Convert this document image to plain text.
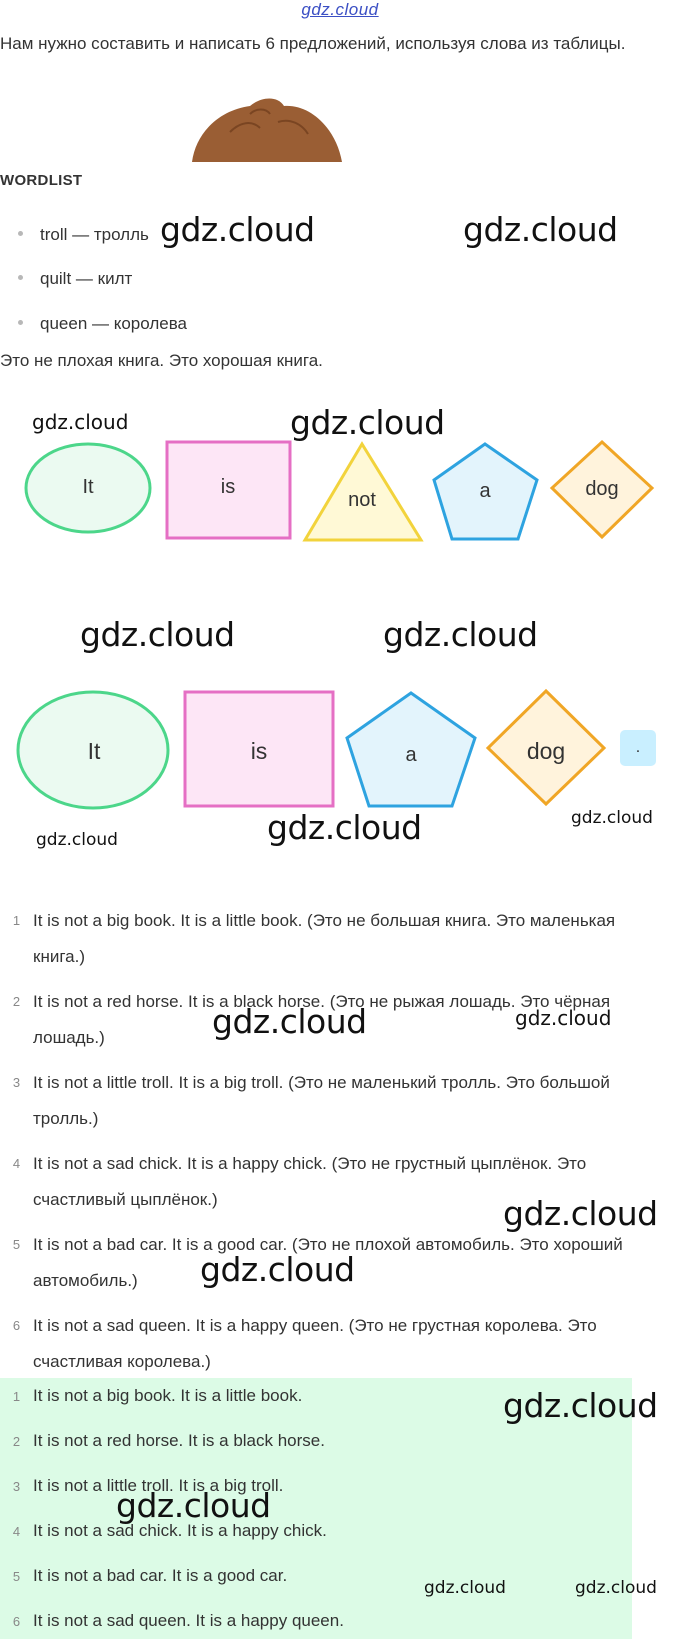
gdz.cloud
Нам нужно составить и написать 6 предложений, используя слова из таблицы.
WORDLIST
troll — тролль
quilt — килт
queen — королева
Это не плохая книга. Это хорошая книга.
It	is
not	a	dog
It	is	a	dog	.
1 It is not a big book. It is a little book. (Это не большая книга. Это маленькая книга.)
2 It is not a red horse. It is a black horse. (Это не рыжая лошадь. Это чёрная лошадь.)
3 It is not a little troll. It is a big troll. (Это не маленький тролль. Это большой тролль.)
4 It is not a sad chick. It is a happy chick. (Это не грустный цыплёнок. Это счастливый цыплёнок.)
5 It is not a bad car. It is a good car. (Это не плохой автомобиль. Это хороший автомобиль.)
6 It is not a sad queen. It is a happy queen. (Это не грустная королева. Это счастливая королева.)
1 It is not a big book. It is a little book.
2 It is not a red horse. It is a black horse.
3 It is not a little troll. It is a big troll.
4 It is not a sad chick. It is a happy chick.
5 It is not a bad car. It is a good car.
6 It is not a sad queen. It is a happy queen.
gdz.cloud	gdz.cloud
gdz.cloud	gdz.cloud
gdz.cloud	gdz.cloud
gdz.cloud
gdz.cloud
gdz.cloud
gdz.cloud	gdz.cloud
gdz.cloud
gdz.cloud
gdz.cloud
gdz.cloud
gdz.cloud	gdz.cloud
